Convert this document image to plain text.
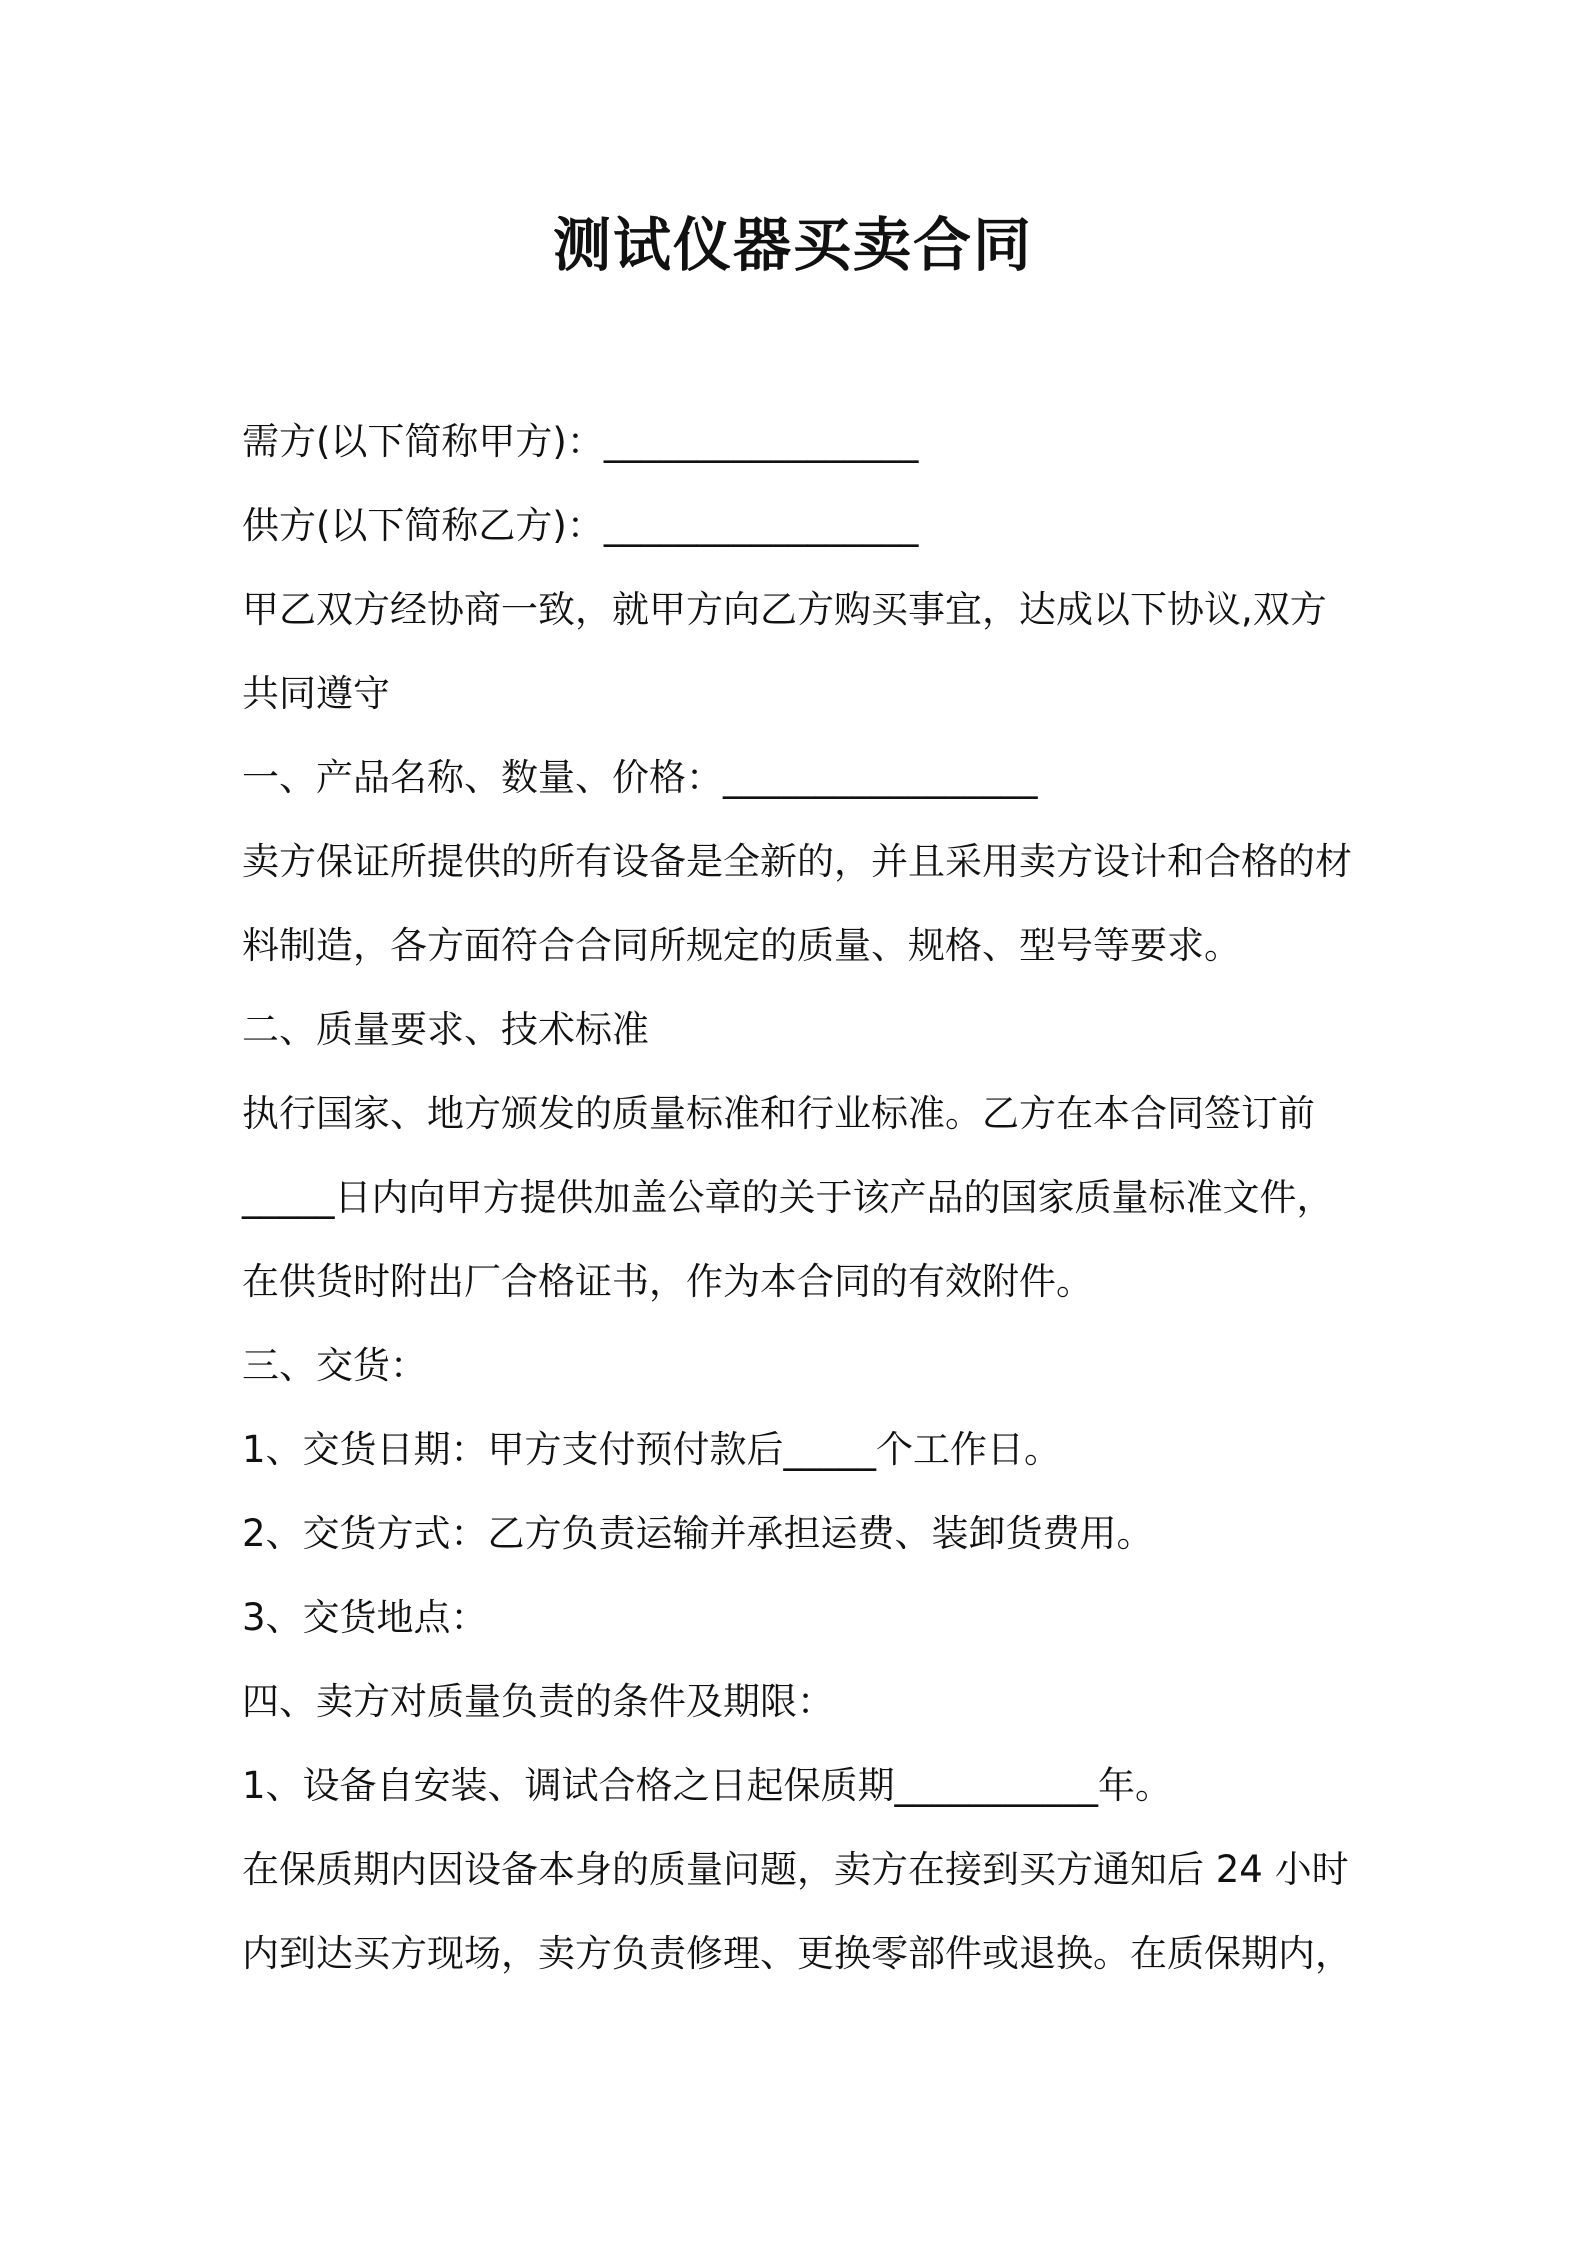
测试仪器买卖合同
需方(以下简称甲方)：_________________
供方(以下简称乙方)：_________________
甲乙双方经协商一致，就甲方向乙方购买事宜，达成以下协议,双方
共同遵守
一、产品名称、数量、价格：_________________
卖方保证所提供的所有设备是全新的，并且采用卖方设计和合格的材
料制造，各方面符合合同所规定的质量、规格、型号等要求。
二、质量要求、技术标准
执行国家、地方颁发的质量标准和行业标准。乙方在本合同签订前
_____日内向甲方提供加盖公章的关于该产品的国家质量标准文件，
在供货时附出厂合格证书，作为本合同的有效附件。
三、交货：
1、交货日期：甲方支付预付款后_____个工作日。
2、交货方式：乙方负责运输并承担运费、装卸货费用。
3、交货地点：
四、卖方对质量负责的条件及期限：
1、设备自安装、调试合格之日起保质期___________年。
在保质期内因设备本身的质量问题，卖方在接到买方通知后 24 小时
内到达买方现场，卖方负责修理、更换零部件或退换。在质保期内，
